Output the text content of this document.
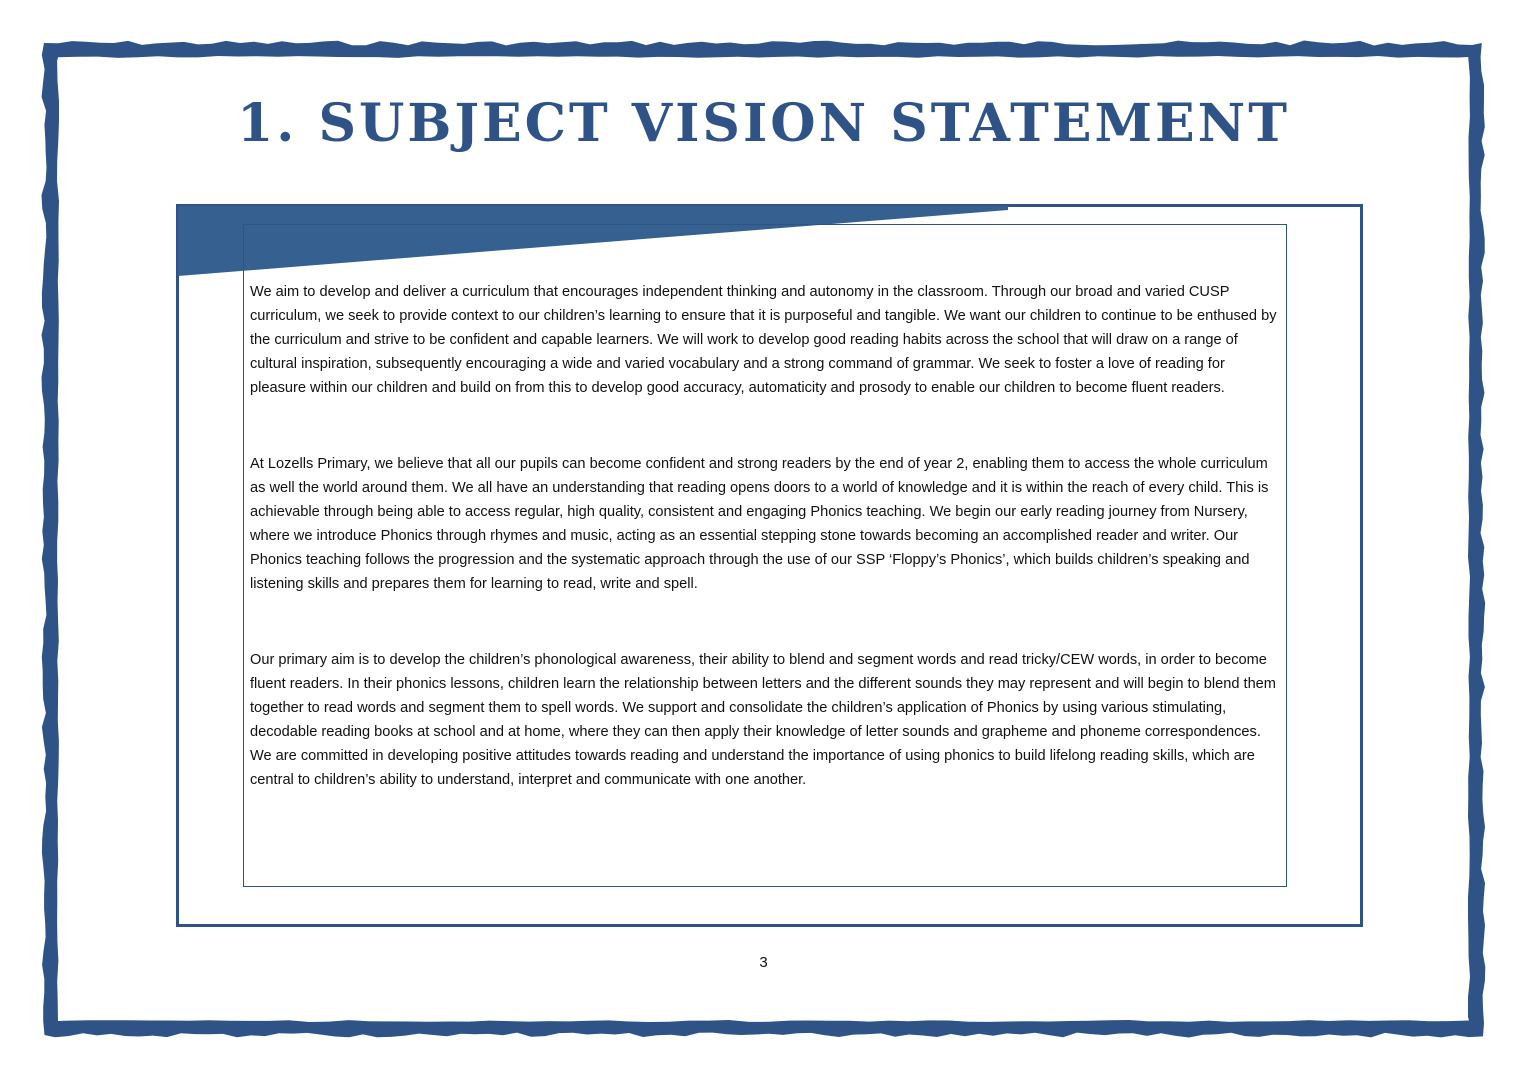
1. SUBJECT VISION STATEMENT

We aim to develop and deliver a curriculum that encourages independent thinking and autonomy in the classroom. Through our broad and varied CUSP curriculum, we seek to provide context to our children’s learning to ensure that it is purposeful and tangible. We want our children to continue to be enthused by the curriculum and strive to be confident and capable learners. We will work to develop good reading habits across the school that will draw on a range of cultural inspiration, subsequently encouraging a wide and varied vocabulary and a strong command of grammar. We seek to foster a love of reading for pleasure within our children and build on from this to develop good accuracy, automaticity and prosody to enable our children to become fluent readers.

At Lozells Primary, we believe that all our pupils can become confident and strong readers by the end of year 2, enabling them to access the whole curriculum as well the world around them. We all have an understanding that reading opens doors to a world of knowledge and it is within the reach of every child. This is achievable through being able to access regular, high quality, consistent and engaging Phonics teaching. We begin our early reading journey from Nursery, where we introduce Phonics through rhymes and music, acting as an essential stepping stone towards becoming an accomplished reader and writer. Our Phonics teaching follows the progression and the systematic approach through the use of our SSP ‘Floppy’s Phonics’, which builds children’s speaking and listening skills and prepares them for learning to read, write and spell.

Our primary aim is to develop the children’s phonological awareness, their ability to blend and segment words and read tricky/CEW words, in order to become fluent readers. In their phonics lessons, children learn the relationship between letters and the different sounds they may represent and will begin to blend them together to read words and segment them to spell words. We support and consolidate the children’s application of Phonics by using various stimulating, decodable reading books at school and at home, where they can then apply their knowledge of letter sounds and grapheme and phoneme correspondences. We are committed in developing positive attitudes towards reading and understand the importance of using phonics to build lifelong reading skills, which are central to children’s ability to understand, interpret and communicate with one another.

3
